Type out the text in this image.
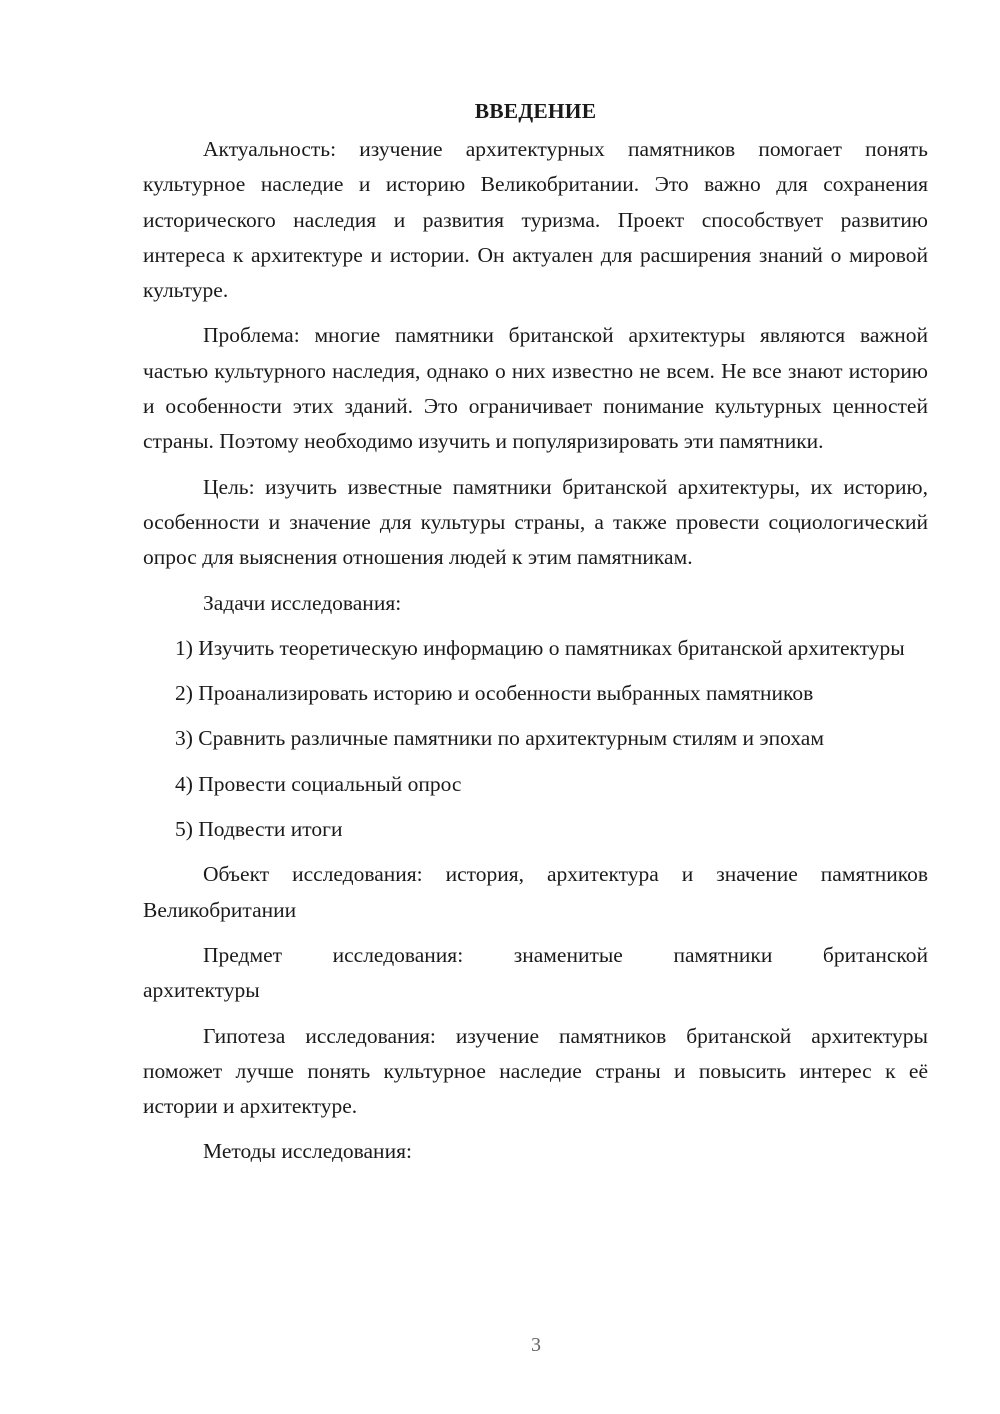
ВВЕДЕНИЕ

Актуальность: изучение архитектурных памятников помогает понять культурное наследие и историю Великобритании. Это важно для сохранения исторического наследия и развития туризма. Проект способствует развитию интереса к архитектуре и истории. Он актуален для расширения знаний о мировой культуре.

Проблема: многие памятники британской архитектуры являются важной частью культурного наследия, однако о них известно не всем. Не все знают историю и особенности этих зданий. Это ограничивает понимание культурных ценностей страны. Поэтому необходимо изучить и популяризировать эти памятники.

Цель: изучить известные памятники британской архитектуры, их историю, особенности и значение для культуры страны, а также провести социологический опрос для выяснения отношения людей к этим памятникам.

Задачи исследования:

1) Изучить теоретическую информацию о памятниках британской архитектуры

2) Проанализировать историю и особенности выбранных памятников

3) Сравнить различные памятники по архитектурным стилям и эпохам

4) Провести социальный опрос

5) Подвести итоги

Объект исследования: история, архитектура и значение памятников Великобритании

Предмет исследования: знаменитые памятники британской

архитектуры

Гипотеза исследования: изучение памятников британской архитектуры поможет лучше понять культурное наследие страны и повысить интерес к её истории и архитектуре.

Методы исследования:

3
